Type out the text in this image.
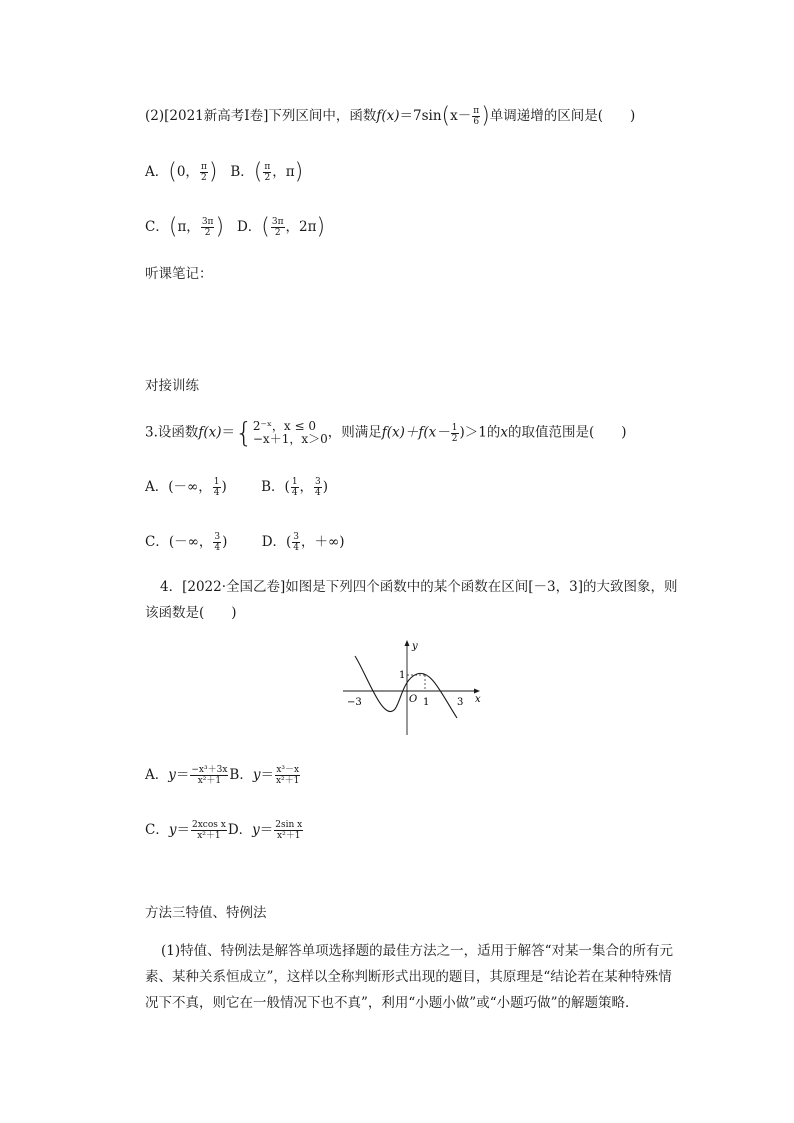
(2)[2021新高考Ⅰ卷]下列区间中，函数$f(x)=7\sin(x- \frac{\pi}{6}$ )单调递增的区间是(　　)
A．(0， $\frac{\pi}{2}$ ) B．( $\frac{\pi}{2}$ ，π)
C．(π， $\frac{3\pi}{2}$ ) D．( $\frac{3\pi}{2}$ ，2π)
听课笔记：
对接训练
3.设函数f(x)＝{ 2⁻ˣ，x ≤ 0
−x＋1，x＞0 ，则满足$f(x)+f(x- \frac{1}{2} )>1$的x的取值范围是(　　)
A．(－∞， $\frac{1}{4}$ )	B．( $\frac{1}{4}$ ， $\frac{3}{4}$ )
C．(－∞， $\frac{3}{4}$ )	D．( $\frac{3}{4}$ ，＋∞)
4．[2022·全国乙卷]如图是下列四个函数中的某个函数在区间[－3，3]的大致图象，则
该函数是(　　)
y
x
O
−3	1	3
1
A．$y= \frac{\text{−x³＋3x}}{\text{x²＋1}}$ B．$y= \frac{\text{x³－x}}{\text{x²＋1}}$
C．$y= \frac{\text{2xcos x}}{\text{x²＋1}}$ D．$y= \frac{\text{2sin x}}{\text{x²＋1}}$
方法三特值、特例法
(1)特值、特例法是解答单项选择题的最佳方法之一，适用于解答“对某一集合的所有元素、某种关系恒成立”，这样以全称判断形式出现的题目，其原理是“结论若在某种特殊情况下不真，则它在一般情况下也不真”，利用“小题小做”或“小题巧做”的解题策略．
